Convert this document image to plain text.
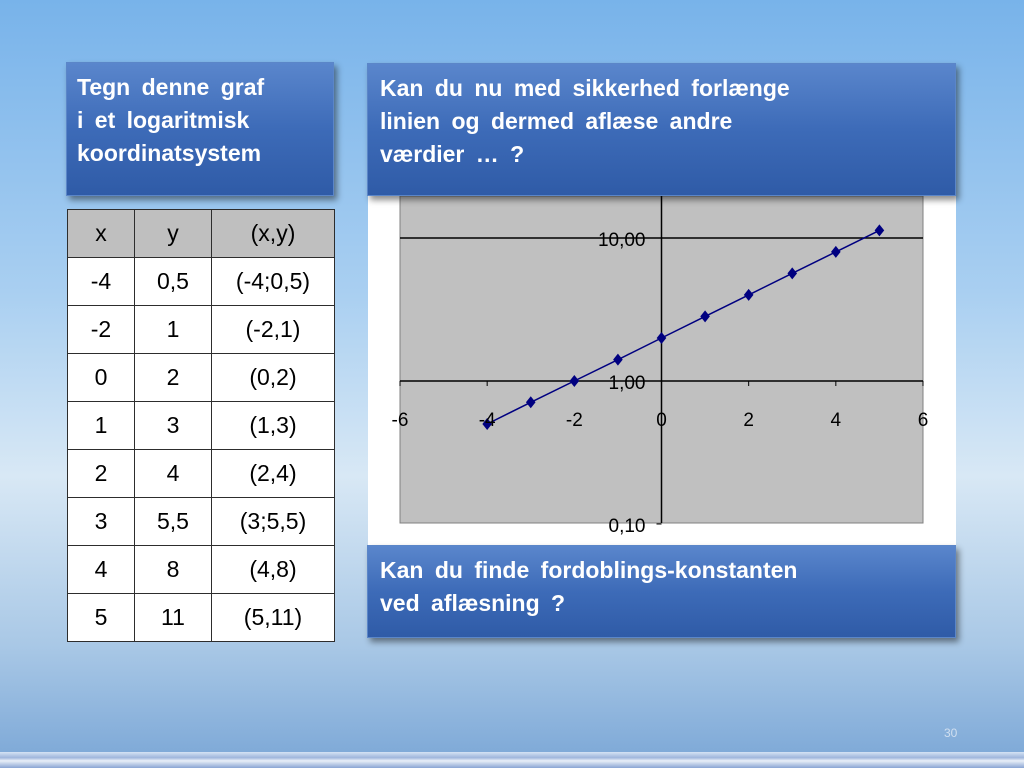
Tegn denne graf
i et logaritmisk
koordinatsystem
x	y	(x,y)
-4	0,5	(-4;0,5)
-2	1	(-2,1)
0	2	(0,2)
1	3	(1,3)
2	4	(2,4)
3	5,5	(3;5,5)
4	8	(4,8)
5	11	(5,11)
-6	-4	-2	0	2	4	6
0,10
1,00
10,00
Kan du nu med sikkerhed forlænge
linien og dermed aflæse andre
værdier … ?
Kan du finde fordoblings-konstanten
ved aflæsning ?
30
